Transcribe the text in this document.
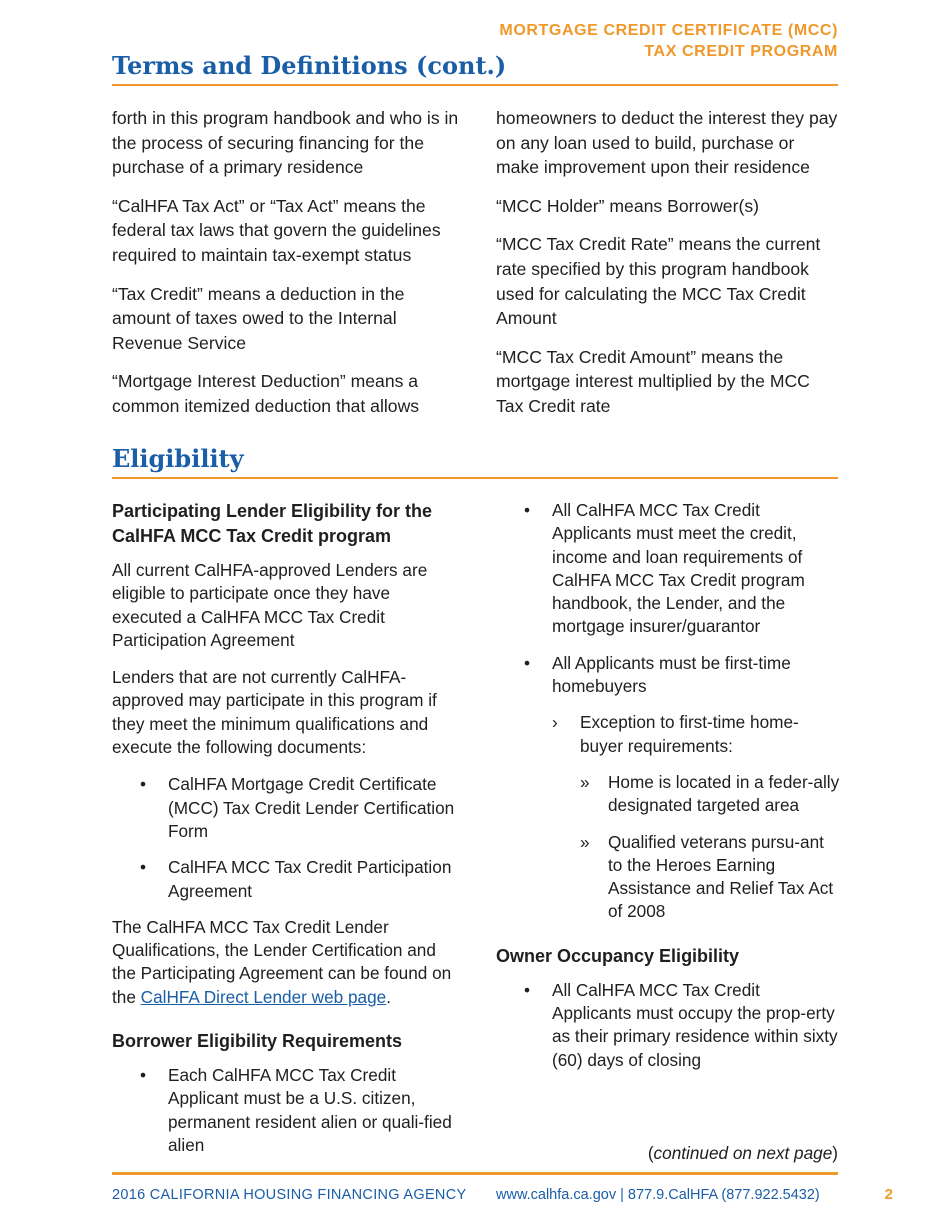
MORTGAGE CREDIT CERTIFICATE (MCC)
TAX CREDIT PROGRAM
Terms and Definitions (cont.)

forth in this program handbook and who is in the process of securing financing for the purchase of a primary residence

“CalHFA Tax Act” or “Tax Act” means the federal tax laws that govern the guidelines required to maintain tax-exempt status

“Tax Credit” means a deduction in the amount of taxes owed to the Internal Revenue Service

“Mortgage Interest Deduction” means a common itemized deduction that allows

homeowners to deduct the interest they pay on any loan used to build, purchase or make improvement upon their residence

“MCC Holder” means Borrower(s)

“MCC Tax Credit Rate” means the current rate specified by this program handbook used for calculating the MCC Tax Credit Amount

“MCC Tax Credit Amount” means the mortgage interest multiplied by the MCC Tax Credit rate

Eligibility
Participating Lender Eligibility for the CalHFA MCC Tax Credit program

All current CalHFA-approved Lenders are eligible to participate once they have executed a CalHFA MCC Tax Credit Participation Agreement

Lenders that are not currently CalHFA-approved may participate in this program if they meet the minimum qualifications and execute the following documents:

• CalHFA Mortgage Credit Certificate (MCC) Tax Credit Lender Certification Form
• CalHFA MCC Tax Credit Participation Agreement

The CalHFA MCC Tax Credit Lender Qualifications, the Lender Certification and the Participating Agreement can be found on the CalHFA Direct Lender web page.

Borrower Eligibility Requirements
• Each CalHFA MCC Tax Credit Applicant must be a U.S. citizen, permanent resident alien or quali-fied alien
• All CalHFA MCC Tax Credit Applicants must meet the credit, income and loan requirements of CalHFA MCC Tax Credit program handbook, the Lender, and the mortgage insurer/guarantor
• All Applicants must be first-time homebuyers
› Exception to first-time home-buyer requirements:
» Home is located in a feder-ally designated targeted area
» Qualified veterans pursu-ant to the Heroes Earning Assistance and Relief Tax Act of 2008
Owner Occupancy Eligibility
• All CalHFA MCC Tax Credit Applicants must occupy the prop-erty as their primary residence within sixty (60) days of closing
(continued on next page)
2016 CALIFORNIA HOUSING FINANCING AGENCY www.calhfa.ca.gov | 877.9.CalHFA (877.922.5432)	2
